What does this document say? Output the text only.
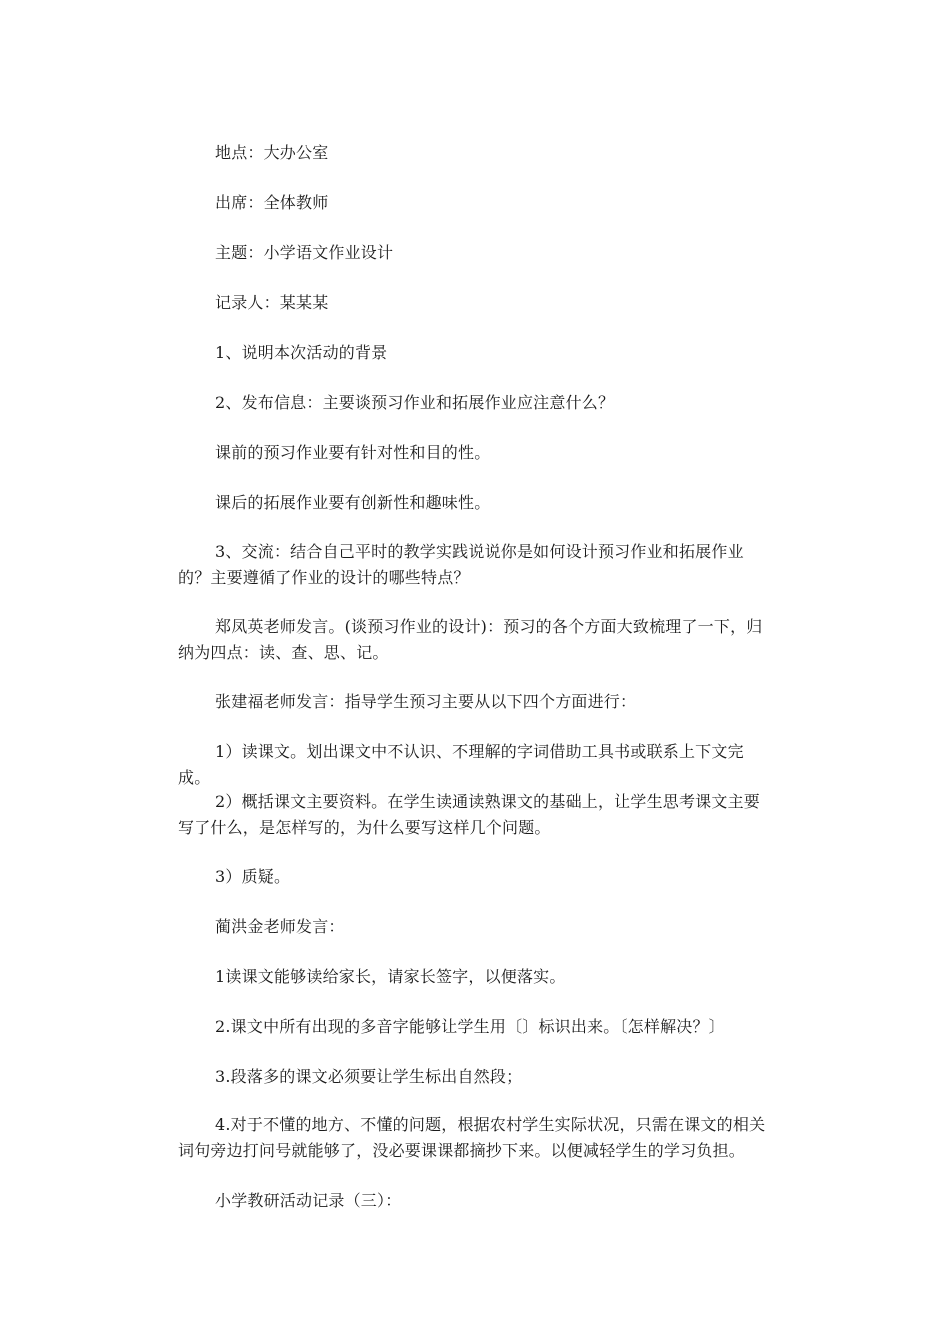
地点：大办公室

出席：全体教师

主题：小学语文作业设计

记录人：某某某

1、说明本次活动的背景

2、发布信息：主要谈预习作业和拓展作业应注意什么？

课前的预习作业要有针对性和目的性。

课后的拓展作业要有创新性和趣味性。

3、交流：结合自己平时的教学实践说说你是如何设计预习作业和拓展作业的？主要遵循了作业的设计的哪些特点？

郑凤英老师发言。(谈预习作业的设计)：预习的各个方面大致梳理了一下，归纳为四点：读、查、思、记。

张建福老师发言：指导学生预习主要从以下四个方面进行：

1）读课文。划出课文中不认识、不理解的字词借助工具书或联系上下文完成。

2）概括课文主要资料。在学生读通读熟课文的基础上，让学生思考课文主要写了什么，是怎样写的，为什么要写这样几个问题。

3）质疑。

蔺洪金老师发言：

1读课文能够读给家长，请家长签字，以便落实。

2.课文中所有出现的多音字能够让学生用〔〕标识出来。〔怎样解决？〕

3.段落多的课文必须要让学生标出自然段；

4.对于不懂的地方、不懂的问题，根据农村学生实际状况，只需在课文的相关词句旁边打问号就能够了，没必要课课都摘抄下来。以便减轻学生的学习负担。

小学教研活动记录（三）：
